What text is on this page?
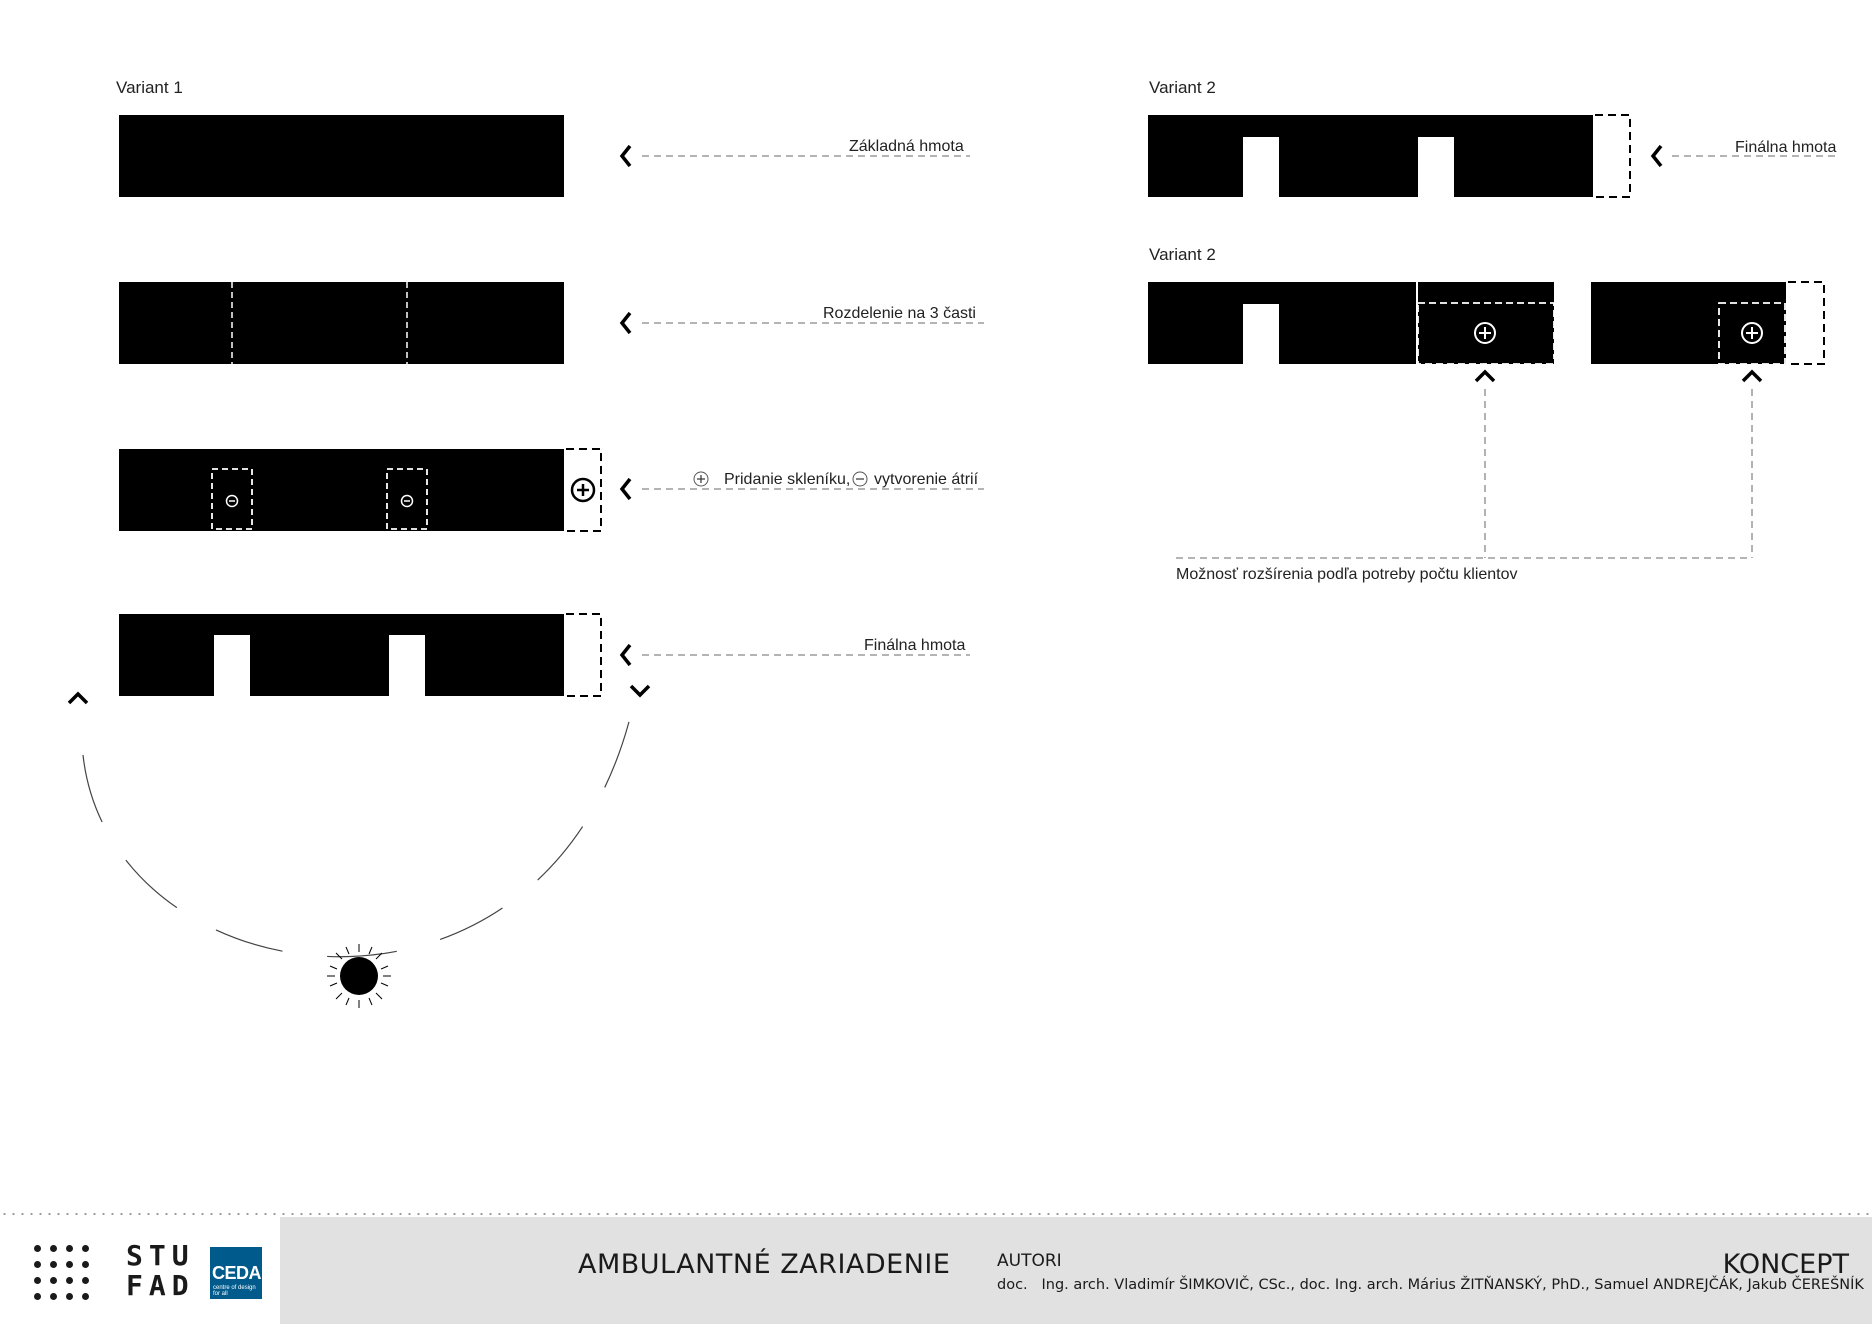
Variant 1
Základná hmota
Rozdelenie na 3 časti
Pridanie skleníku, vytvorenie átrií
Finálna hmota
Variant 2
Finálna hmota
Variant 2
Možnosť rozšírenia podľa potreby počtu klientov
STU
FAD CEDA
centre of design for all
AMBULANTNÉ ZARIADENIE	AUTORI
doc.   Ing. arch. Vladimír ŠIMKOVIČ, CSc., doc. Ing. arch. Márius ŽITŇANSKÝ, PhD., Samuel ANDREJČÁK, Jakub ČEREŠNÍK
KONCEPT
